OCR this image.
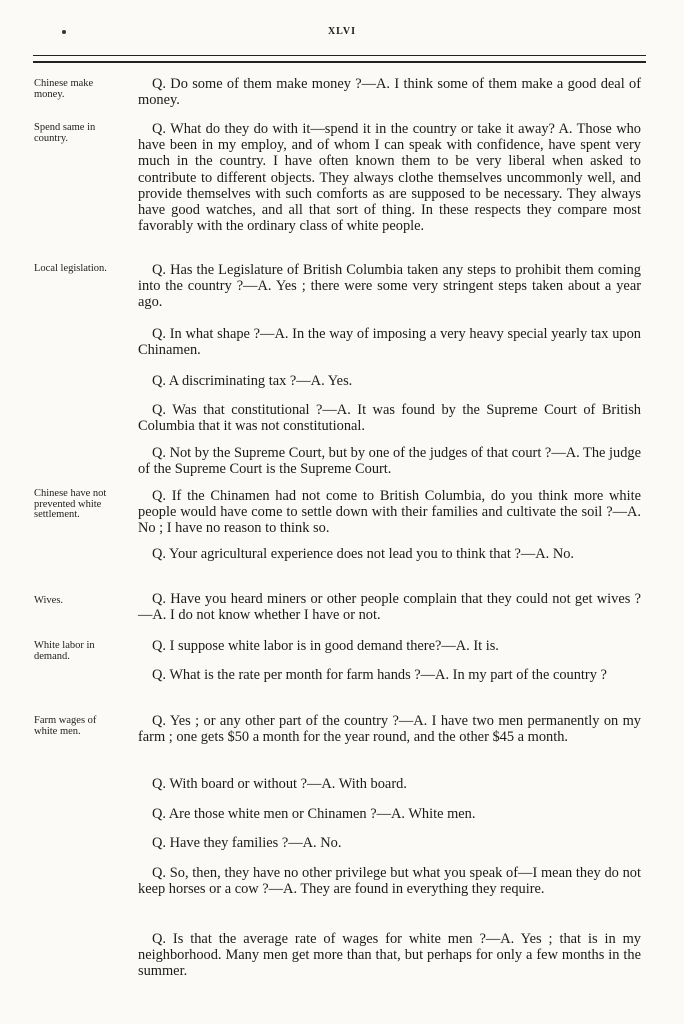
XLVI
Chinese make
money.
Spend same in
country.
Local legislation.
Chinese have not
prevented white
settlement.
Wives.
White labor in
demand.
Farm wages of
white men.
Q. Do some of them make money ?—A. I think some of them make a good deal of money.
Q. What do they do with it—spend it in the country or take it away? A. Those who have been in my employ, and of whom I can speak with confidence, have spent very much in the country. I have often known them to be very liberal when asked to contribute to different objects. They always clothe themselves uncommonly well, and provide themselves with such comforts as are supposed to be necessary. They always have good watches, and all that sort of thing. In these respects they compare most favorably with the ordinary class of white people.
Q. Has the Legislature of British Columbia taken any steps to prohibit them coming into the country ?—A. Yes ; there were some very stringent steps taken about a year ago.
Q. In what shape ?—A. In the way of imposing a very heavy special yearly tax upon Chinamen.
Q. A discriminating tax ?—A. Yes.
Q. Was that constitutional ?—A. It was found by the Supreme Court of British Columbia that it was not constitutional.
Q. Not by the Supreme Court, but by one of the judges of that court ?—A. The judge of the Supreme Court is the Supreme Court.
Q. If the Chinamen had not come to British Columbia, do you think more white people would have come to settle down with their families and cultivate the soil ?—A. No ; I have no reason to think so.
Q. Your agricultural experience does not lead you to think that ?—A. No.
Q. Have you heard miners or other people complain that they could not get wives ?—A. I do not know whether I have or not.
Q. I suppose white labor is in good demand there?—A. It is.
Q. What is the rate per month for farm hands ?—A. In my part of the country ?
Q. Yes ; or any other part of the country ?—A. I have two men permanently on my farm ; one gets $50 a month for the year round, and the other $45 a month.
Q. With board or without ?—A. With board.
Q. Are those white men or Chinamen ?—A. White men.
Q. Have they families ?—A. No.
Q. So, then, they have no other privilege but what you speak of—I mean they do not keep horses or a cow ?—A. They are found in everything they require.
Q. Is that the average rate of wages for white men ?—A. Yes ; that is in my neighborhood. Many men get more than that, but perhaps for only a few months in the summer.
